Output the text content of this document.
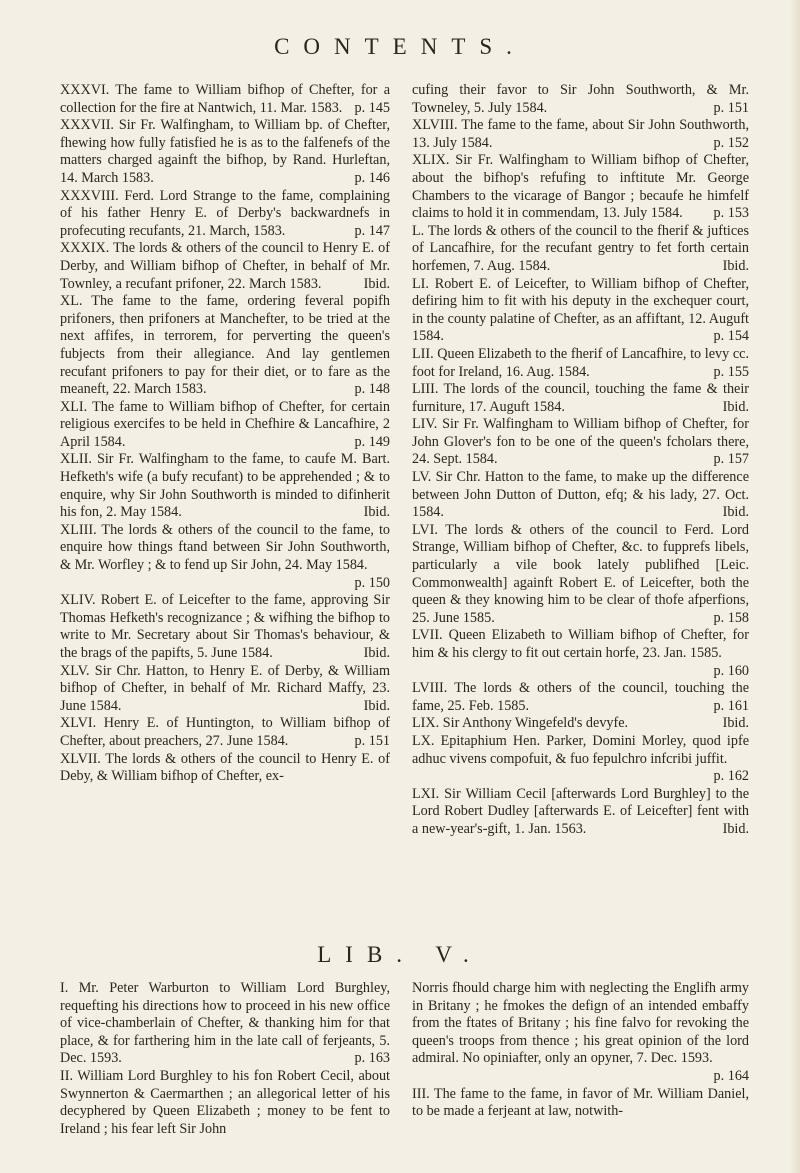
CONTENTS.
XXXVI. The fame to William bifhop of Chefter, for a collection for the fire at Nantwich, 11. Mar. 1583. p. 145
XXXVII. Sir Fr. Walfingham, to William bp. of Chefter, fhewing how fully fatisfied he is as to the falfenefs of the matters charged againft the bifhop, by Rand. Hurleftan, 14. March 1583.	p. 146
XXXVIII. Ferd. Lord Strange to the fame, complaining of his father Henry E. of Derby's backwardnefs in profecuting recufants, 21. March, 1583.	p. 147
XXXIX. The lords & others of the council to Henry E. of Derby, and William bifhop of Chefter, in behalf of Mr. Townley, a recufant prifoner, 22. March 1583.	Ibid.
XL. The fame to the fame, ordering feveral popifh prifoners, then prifoners at Manchefter, to be tried at the next affifes, in terrorem, for perverting the queen's fubjects from their allegiance. And lay gentlemen recufant prifoners to pay for their diet, or to fare as the meaneft, 22. March 1583.	p. 148
XLI. The fame to William bifhop of Chefter, for certain religious exercifes to be held in Chefhire & Lancafhire, 2 April 1584.	p. 149
XLII. Sir Fr. Walfingham to the fame, to caufe M. Bart. Hefketh's wife (a bufy recufant) to be apprehended ; & to enquire, why Sir John Southworth is minded to difinherit his fon, 2. May 1584.	Ibid.
XLIII. The lords & others of the council to the fame, to enquire how things ftand between Sir John Southworth, & Mr. Worfley ; & to fend up Sir John, 24. May 1584.
p. 150
XLIV. Robert E. of Leicefter to the fame, approving Sir Thomas Hefketh's recognizance ; & wifhing the bifhop to write to Mr. Secretary about Sir Thomas's behaviour, & the brags of the papifts, 5. June 1584.	Ibid.
XLV. Sir Chr. Hatton, to Henry E. of Derby, & William bifhop of Chefter, in behalf of Mr. Richard Maffy, 23. June 1584.	Ibid.
XLVI. Henry E. of Huntington, to William bifhop of Chefter, about preachers, 27. June 1584.	p. 151
XLVII. The lords & others of the council to Henry E. of Deby, & William bifhop of Chefter, ex-
cufing their favor to Sir John Southworth, & Mr. Towneley, 5. July 1584.	p. 151
XLVIII. The fame to the fame, about Sir John Southworth, 13. July 1584.	p. 152
XLIX. Sir Fr. Walfingham to William bifhop of Chefter, about the bifhop's refufing to inftitute Mr. George Chambers to the vicarage of Bangor ; becaufe he himfelf claims to hold it in commendam, 13. July 1584.	p. 153
L. The lords & others of the council to the fherif & juftices of Lancafhire, for the recufant gentry to fet forth certain horfemen, 7. Aug. 1584.	Ibid.
LI. Robert E. of Leicefter, to William bifhop of Chefter, defiring him to fit with his deputy in the exchequer court, in the county palatine of Chefter, as an affiftant, 12. Auguft 1584.	p. 154
LII. Queen Elizabeth to the fherif of Lancafhire, to levy cc. foot for Ireland, 16. Aug. 1584.	p. 155
LIII. The lords of the council, touching the fame & their furniture, 17. Auguft 1584.	Ibid.
LIV. Sir Fr. Walfingham to William bifhop of Chefter, for John Glover's fon to be one of the queen's fcholars there, 24. Sept. 1584.	p. 157
LV. Sir Chr. Hatton to the fame, to make up the difference between John Dutton of Dutton, efq; & his lady, 27. Oct. 1584.	Ibid.
LVI. The lords & others of the council to Ferd. Lord Strange, William bifhop of Chefter, &c. to fupprefs libels, particularly a vile book lately publifhed [Leic. Commonwealth] againft Robert E. of Leicefter, both the queen & they knowing him to be clear of thofe afperfions, 25. June 1585.	p. 158
LVII. Queen Elizabeth to William bifhop of Chefter, for him & his clergy to fit out certain horfe, 23. Jan. 1585.
p. 160
LVIII. The lords & others of the council, touching the fame, 25. Feb. 1585.	p. 161
LIX. Sir Anthony Wingefeld's devyfe.	Ibid.
LX. Epitaphium Hen. Parker, Domini Morley, quod ipfe adhuc vivens compofuit, & fuo fepulchro infcribi juffit.
p. 162
LXI. Sir William Cecil [afterwards Lord Burghley] to the Lord Robert Dudley [afterwards E. of Leicefter] fent with a new-year's-gift, 1. Jan. 1563.	Ibid.
LIB. V.
I. Mr. Peter Warburton to William Lord Burghley, requefting his directions how to proceed in his new office of vice-chamberlain of Chefter, & thanking him for that place, & for farthering him in the late call of ferjeants, 5. Dec. 1593.	p. 163
II. William Lord Burghley to his fon Robert Cecil, about Swynnerton & Caermarthen ; an allegorical letter of his decyphered by Queen Elizabeth ; money to be fent to Ireland ; his fear left Sir John
Norris fhould charge him with neglecting the Englifh army in Britany ; he fmokes the defign of an intended embaffy from the ftates of Britany ; his fine falvo for revoking the queen's troops from thence ; his great opinion of the lord admiral. No opiniafter, only an opyner, 7. Dec. 1593.
p. 164
III. The fame to the fame, in favor of Mr. William Daniel, to be made a ferjeant at law, notwith-
